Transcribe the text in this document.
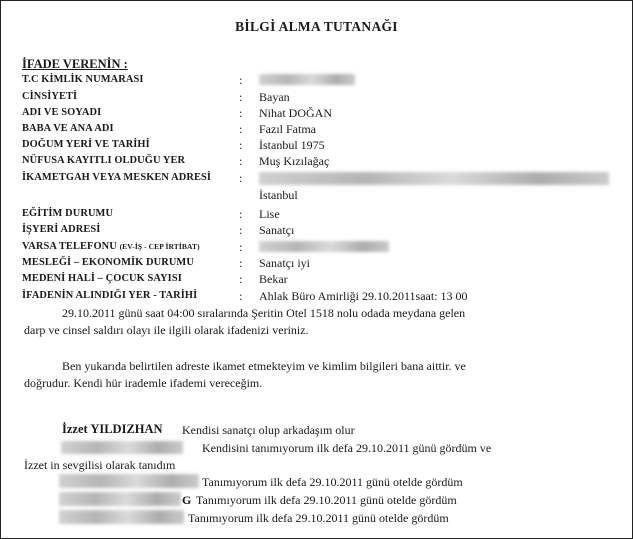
BİLGİ ALMA TUTANAĞI
İFADE VERENİN :
T.C KİMLİK NUMARASI	:
CİNSİYETİ	: Bayan
ADI VE SOYADI	: Nihat DOĞAN
BABA VE ANA ADI	: Fazıl Fatma
DOĞUM YERİ VE TARİHİ	: İstanbul 1975
NÜFUSA KAYITLI OLDUĞU YER	: Muş Kızılağaç
İKAMETGAH VEYA MESKEN ADRESİ :
İstanbul
EĞİTİM DURUMU	: Lise
İŞYERİ ADRESİ	: Sanatçı
VARSA TELEFONU (EV-İŞ - CEP İRTİBAT)	:
MESLEĞİ – EKONOMİK DURUMU	: Sanatçı iyi
MEDENİ HALİ – ÇOCUK SAYISI	: Bekar
İFADENİN ALINDIĞI YER - TARİHİ	: Ahlak Büro Amirliği 29.10.2011saat: 13 00
29.10.2011 günü saat 04:00 sıralarında Şeritin Otel 1518 nolu odada meydana gelen
darp ve cinsel saldırı olayı ile ilgili olarak ifadenizi veriniz.
Ben yukarıda belirtilen adreste ikamet etmekteyim ve kimlim bilgileri bana aittir. ve
doğrudur. Kendi hür irademle ifademi vereceğim.
İzzet YILDIZHAN Kendisi sanatçı olup arkadaşım olur
Kendisini tanımıyorum ilk defa 29.10.2011 günü gördüm ve
İzzet in sevgilisi olarak tanıdım
Tanımıyorum ilk defa 29.10.2011 günü otelde gördüm
G Tanımıyorum ilk defa 29.10.2011 günü otelde gördüm
Tanımıyorum ilk defa 29.10.2011 günü otelde gördüm
